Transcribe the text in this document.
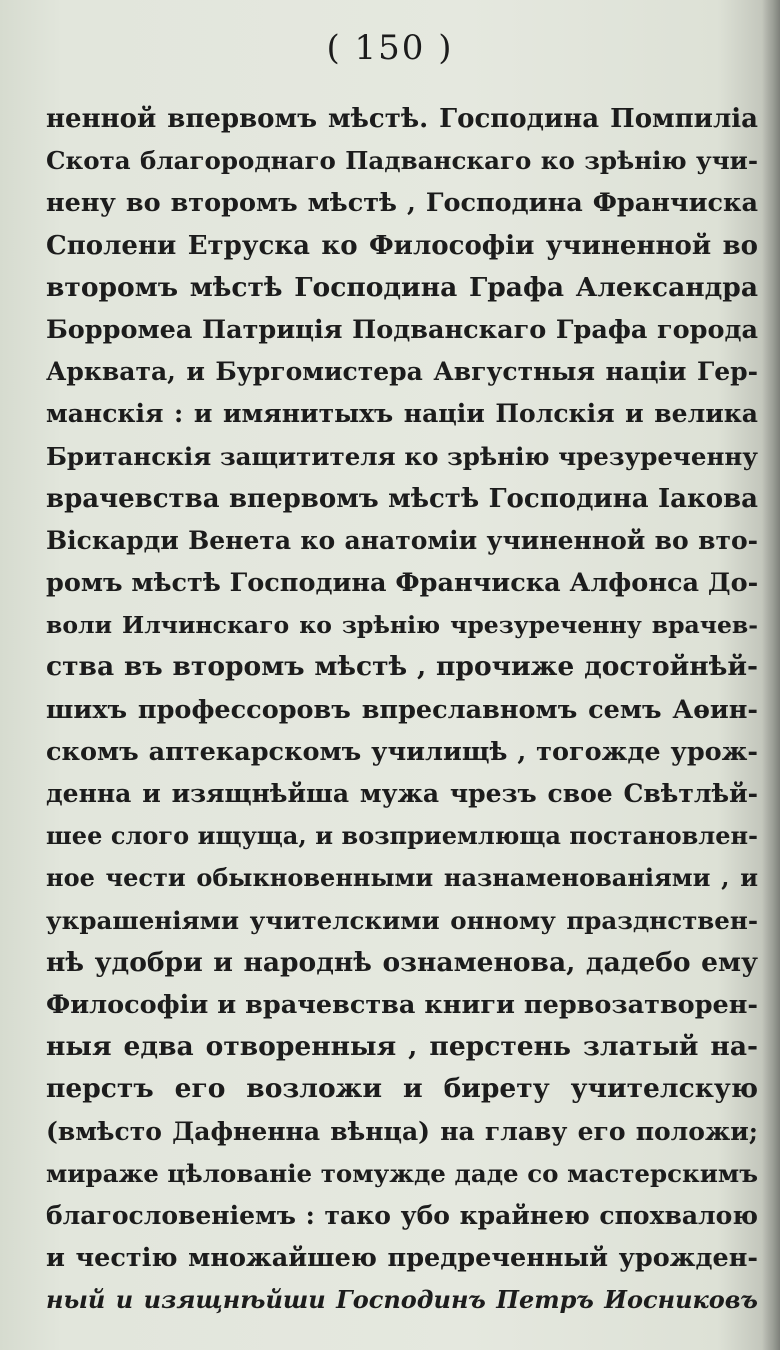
( 150 )
ненной впервомъ мѣстѣ. Господина Помпиліа
Скота благороднаго Падванскаго ко зрѣнію учи-
нену во второмъ мѣстѣ , Господина Франчиска
Сполени Етруска ко Философіи учиненной во
второмъ мѣстѣ Господина Графа Александра
Борромеа Патриція Подванскаго Графа города
Арквата, и Бургомистера Августныя націи Гер-
манскія : и имянитыхъ націи Полскія и велика
Британскія защитителя ко зрѣнію чрезуреченну
врачевства впервомъ мѣстѣ Господина Іакова
Віскарди Венета ко анатоміи учиненной во вто-
ромъ мѣстѣ Господина Франчиска Алфонса До-
воли Илчинскаго ко зрѣнію чрезуреченну врачев-
ства въ второмъ мѣстѣ , прочиже достойнѣй-
шихъ профессоровъ впреславномъ семъ Аѳин-
скомъ аптекарскомъ училищѣ , тогожде урож-
денна и изящнѣйша мужа чрезъ свое Свѣтлѣй-
шее слого ищуща, и возприемлюща постановлен-
ное чести обыкновенными назнаменованіями , и
украшеніями учителскими онному празднствен-
нѣ удобри и народнѣ ознаменова, дадебо ему
Философіи и врачевства книги первозатворен-
ныя едва отворенныя , перстень златый на-
перстъ его возложи и бирету учителскую
(вмѣсто Дафненна вѣнца) на главу его положи;
мираже цѣлованіе томужде даде со мастерскимъ
благословеніемъ : тако убо крайнею спохвалою
и честію множайшею предреченный урожден-
ный и изящнѣйши Господинъ Петръ Иосниковъ
